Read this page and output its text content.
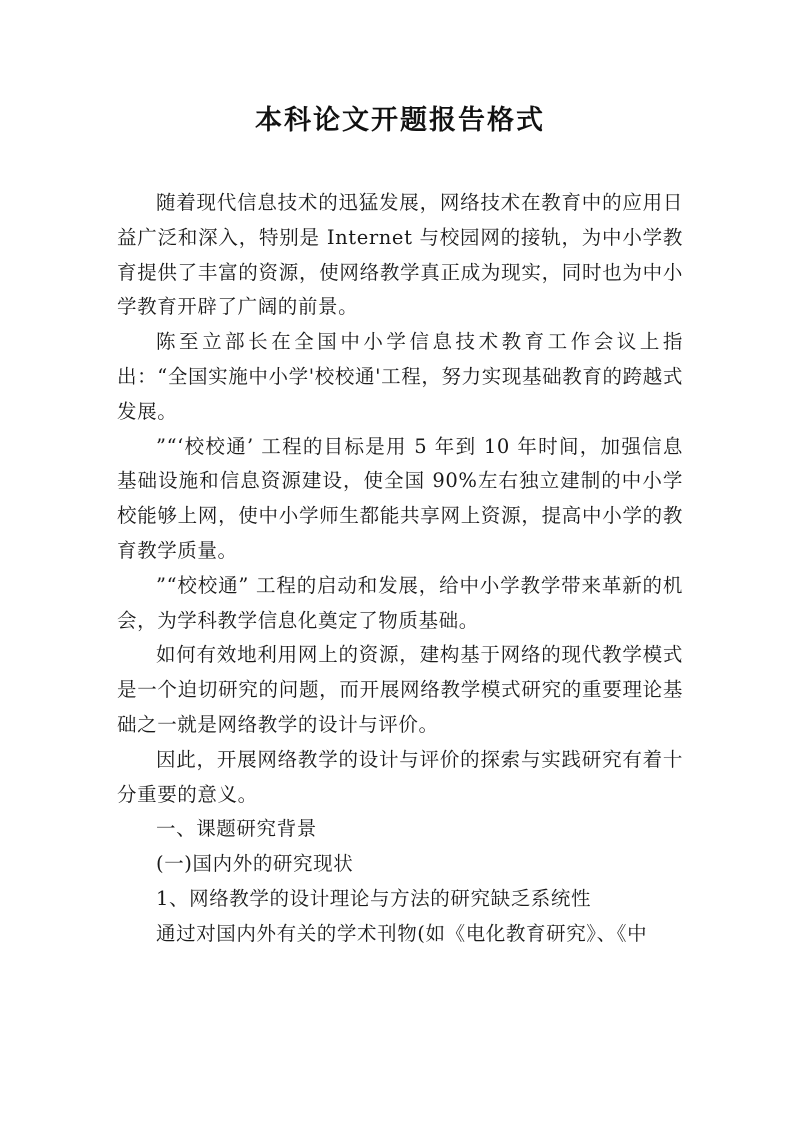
本科论文开题报告格式

随着现代信息技术的迅猛发展，网络技术在教育中的应用日益广泛和深入，特别是 Internet 与校园网的接轨，为中小学教育提供了丰富的资源，使网络教学真正成为现实，同时也为中小学教育开辟了广阔的前景。

陈至立部长在全国中小学信息技术教育工作会议上指出：“全国实施中小学'校校通'工程，努力实现基础教育的跨越式发展。

”“‘校校通’ 工程的目标是用 5 年到 10 年时间，加强信息基础设施和信息资源建设，使全国 90%左右独立建制的中小学校能够上网，使中小学师生都能共享网上资源，提高中小学的教育教学质量。

”“校校通” 工程的启动和发展，给中小学教学带来革新的机会，为学科教学信息化奠定了物质基础。

如何有效地利用网上的资源，建构基于网络的现代教学模式是一个迫切研究的问题，而开展网络教学模式研究的重要理论基础之一就是网络教学的设计与评价。

因此，开展网络教学的设计与评价的探索与实践研究有着十分重要的意义。

一、课题研究背景

(一)国内外的研究现状

1、网络教学的设计理论与方法的研究缺乏系统性

通过对国内外有关的学术刊物(如《电化教育研究》、《中
